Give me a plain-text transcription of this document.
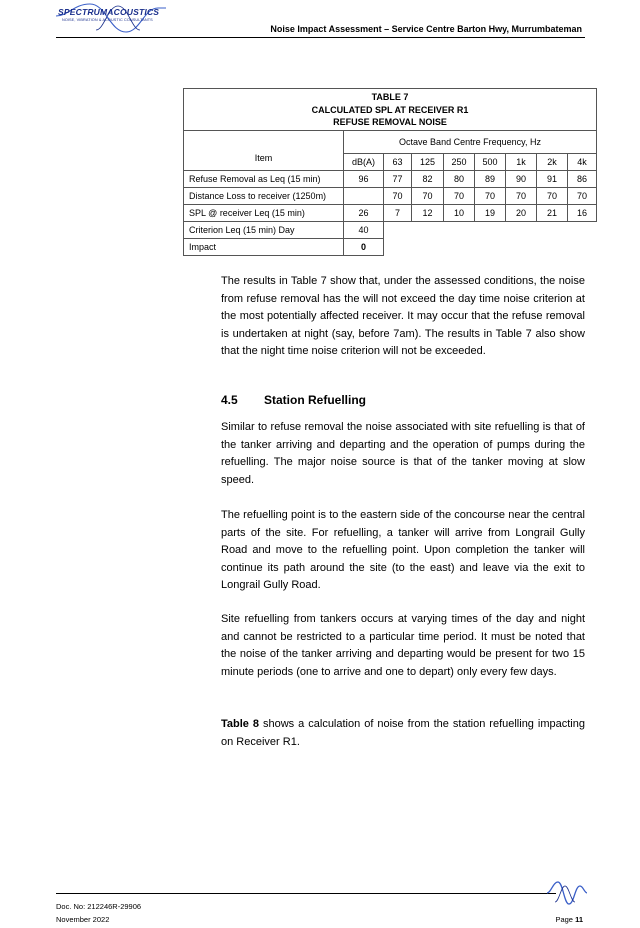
SPECTRUMACOUSTICS
NOISE, VIBRATION & ACOUSTIC CONSULTANTS
Noise Impact Assessment – Service Centre Barton Hwy, Murrumbateman
TABLE 7
CALCULATED SPL AT RECEIVER R1
REFUSE REMOVAL NOISE								

Item	Octave Band Centre Frequency, Hz							
	dB(A)	63	125	250	500	1k	2k	4k
Refuse Removal as Leq (15 min)	96	77	82	80	89	90	91	86
Distance Loss to receiver (1250m)		70	70	70	70	70	70	70
SPL @ receiver Leq (15 min)	26	7	12	10	19	20	21	16
Criterion Leq (15 min) Day	40							
Impact	0							

The results in Table 7 show that, under the assessed conditions, the noise from refuse removal has the will not exceed the day time noise criterion at the most potentially affected receiver. It may occur that the refuse removal is undertaken at night (say, before 7am). The results in Table 7 also show that the night time noise criterion will not be exceeded.

4.5 Station Refuelling

Similar to refuse removal the noise associated with site refuelling is that of the tanker arriving and departing and the operation of pumps during the refuelling. The major noise source is that of the tanker moving at slow speed.

The refuelling point is to the eastern side of the concourse near the central parts of the site. For refuelling, a tanker will arrive from Longrail Gully Road and move to the refuelling point. Upon completion the tanker will continue its path around the site (to the east) and leave via the exit to Longrail Gully Road.

Site refuelling from tankers occurs at varying times of the day and night and cannot be restricted to a particular time period. It must be noted that the noise of the tanker arriving and departing would be present for two 15 minute periods (one to arrive and one to depart) only every few days.

Table 8 shows a calculation of noise from the station refuelling impacting on Receiver R1.

Doc. No: 212246R-29906
November 2022	Page 11
